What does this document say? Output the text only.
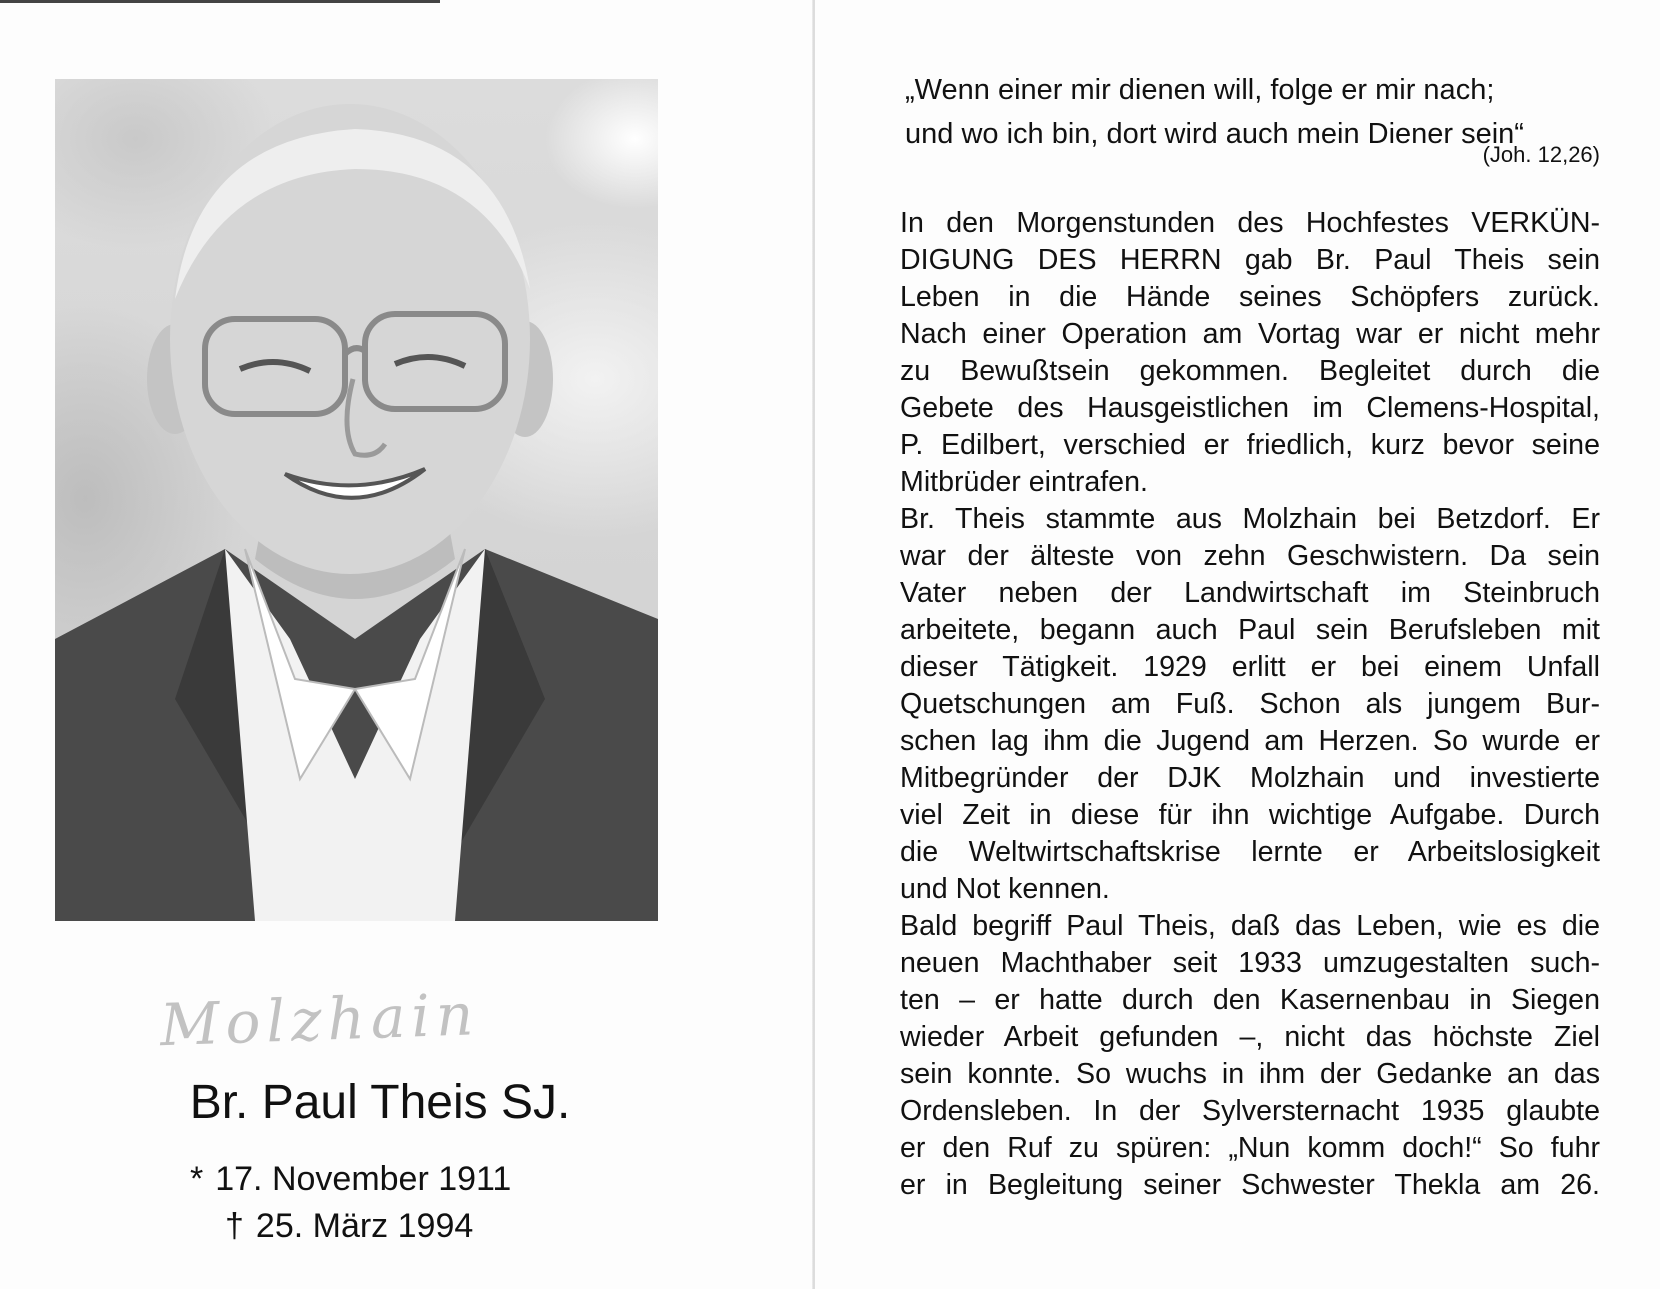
Molzhain
Br. Paul Theis SJ.
* 17. November 1911
† 25. März 1994
„Wenn einer mir dienen will, folge er mir nach;
und wo ich bin, dort wird auch mein Diener sein“
(Joh. 12,26)
In den Morgenstunden des Hochfestes VERKÜN-
DIGUNG DES HERRN gab Br. Paul Theis sein
Leben in die Hände seines Schöpfers zurück.
Nach einer Operation am Vortag war er nicht mehr
zu Bewußtsein gekommen. Begleitet durch die
Gebete des Hausgeistlichen im Clemens-Hospital,
P. Edilbert, verschied er friedlich, kurz bevor seine
Mitbrüder eintrafen.
Br. Theis stammte aus Molzhain bei Betzdorf. Er
war der älteste von zehn Geschwistern. Da sein
Vater neben der Landwirtschaft im Steinbruch
arbeitete, begann auch Paul sein Berufsleben mit
dieser Tätigkeit. 1929 erlitt er bei einem Unfall
Quetschungen am Fuß. Schon als jungem Bur-
schen lag ihm die Jugend am Herzen. So wurde er
Mitbegründer der DJK Molzhain und investierte
viel Zeit in diese für ihn wichtige Aufgabe. Durch
die Weltwirtschaftskrise lernte er Arbeitslosigkeit
und Not kennen.
Bald begriff Paul Theis, daß das Leben, wie es die
neuen Machthaber seit 1933 umzugestalten such-
ten – er hatte durch den Kasernenbau in Siegen
wieder Arbeit gefunden –, nicht das höchste Ziel
sein konnte. So wuchs in ihm der Gedanke an das
Ordensleben. In der Sylversternacht 1935 glaubte
er den Ruf zu spüren: „Nun komm doch!“ So fuhr
er in Begleitung seiner Schwester Thekla am 26.
